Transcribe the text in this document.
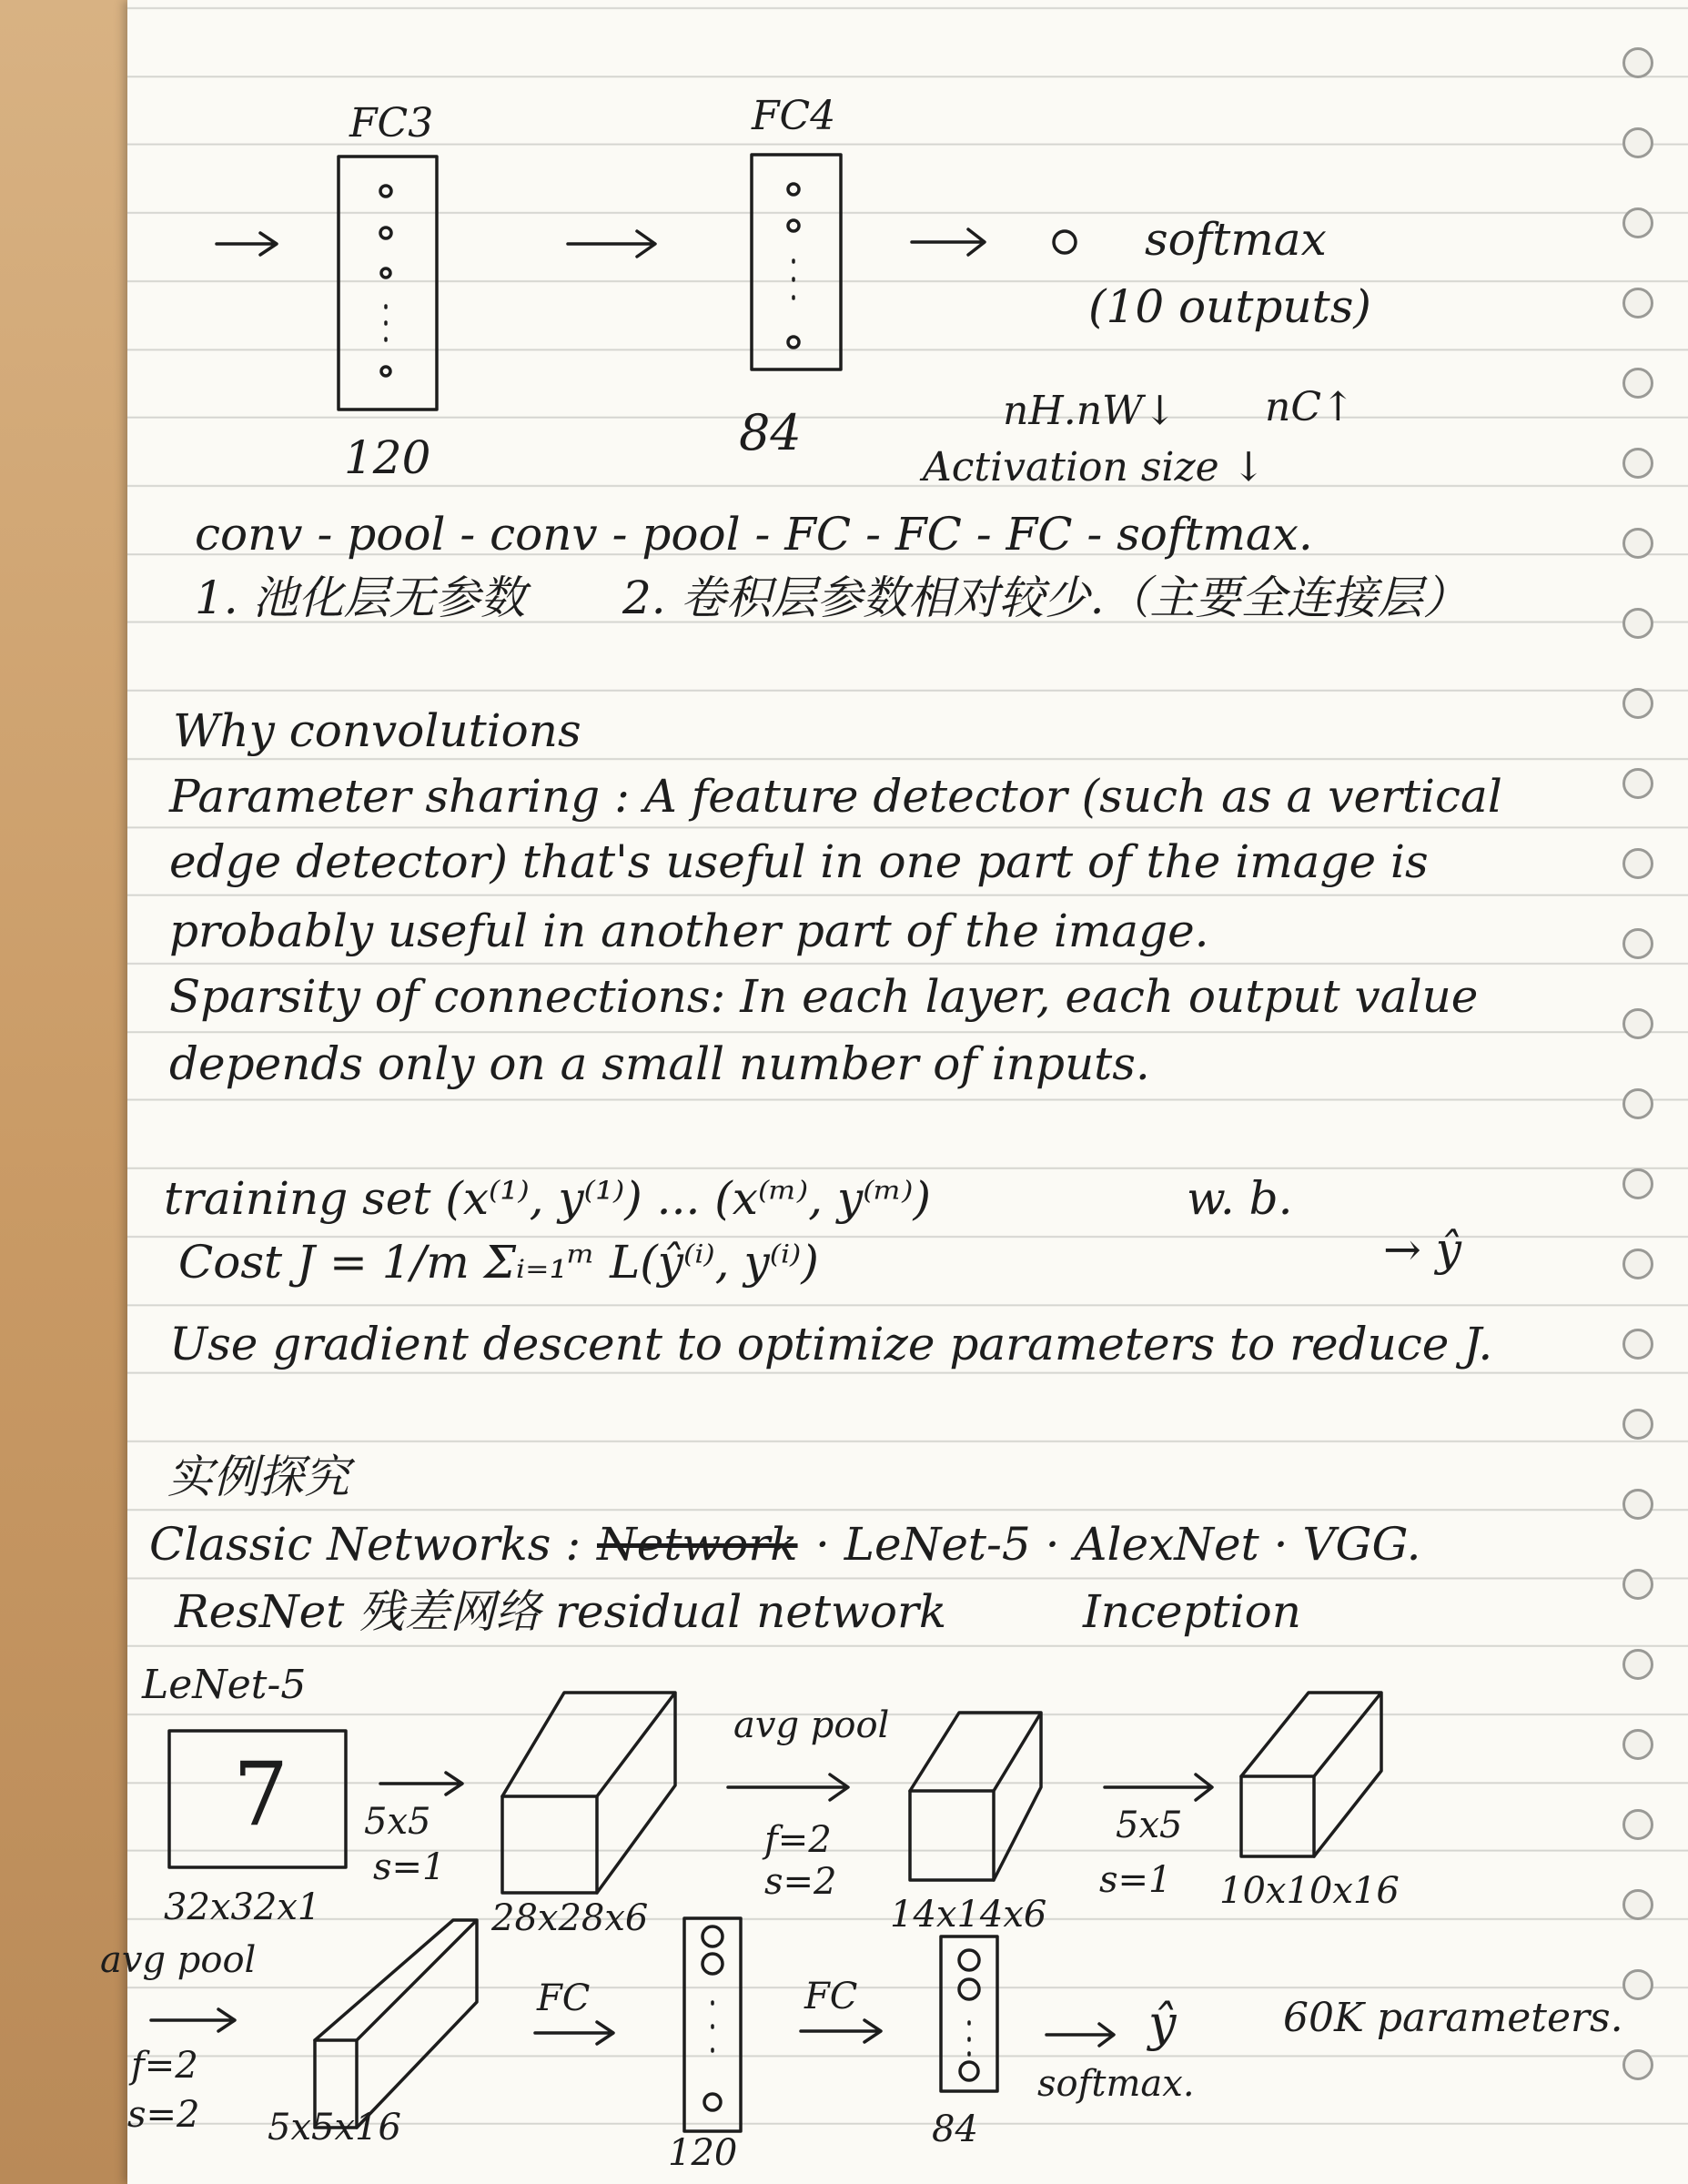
FC3	FC4
120	84
softmax
(10 outputs)
nH.nW↓ nC↑
Activation size ↓
conv - pool - conv - pool - FC - FC - FC - softmax.
1. 池化层无参数 2. 卷积层参数相对较少.（主要全连接层）
Why convolutions
Parameter sharing : A feature detector (such as a vertical
edge detector) that's useful in one part of the image is
probably useful in another part of the image.
Sparsity of connections: In each layer, each output value
depends only on a small number of inputs.
training set (x⁽¹⁾, y⁽¹⁾) ... (x⁽ᵐ⁾, y⁽ᵐ⁾)	w. b.
→ ŷ
Cost J = 1/m Σᵢ₌₁ᵐ L(ŷ⁽ⁱ⁾, y⁽ⁱ⁾)
Use gradient descent to optimize parameters to reduce J.
实例探究
Classic Networks : Network · LeNet-5 · AlexNet · VGG.
ResNet 残差网络 residual network	Inception
LeNet-5
7
32x32x1
5x5
s=1
28x28x6
avg pool
f=2
s=2
14x14x6
5x5
s=1 10x10x16
avg pool
f=2
s=2 5x5x16
FC	FC
120
84
ŷ
softmax.
60K parameters.
